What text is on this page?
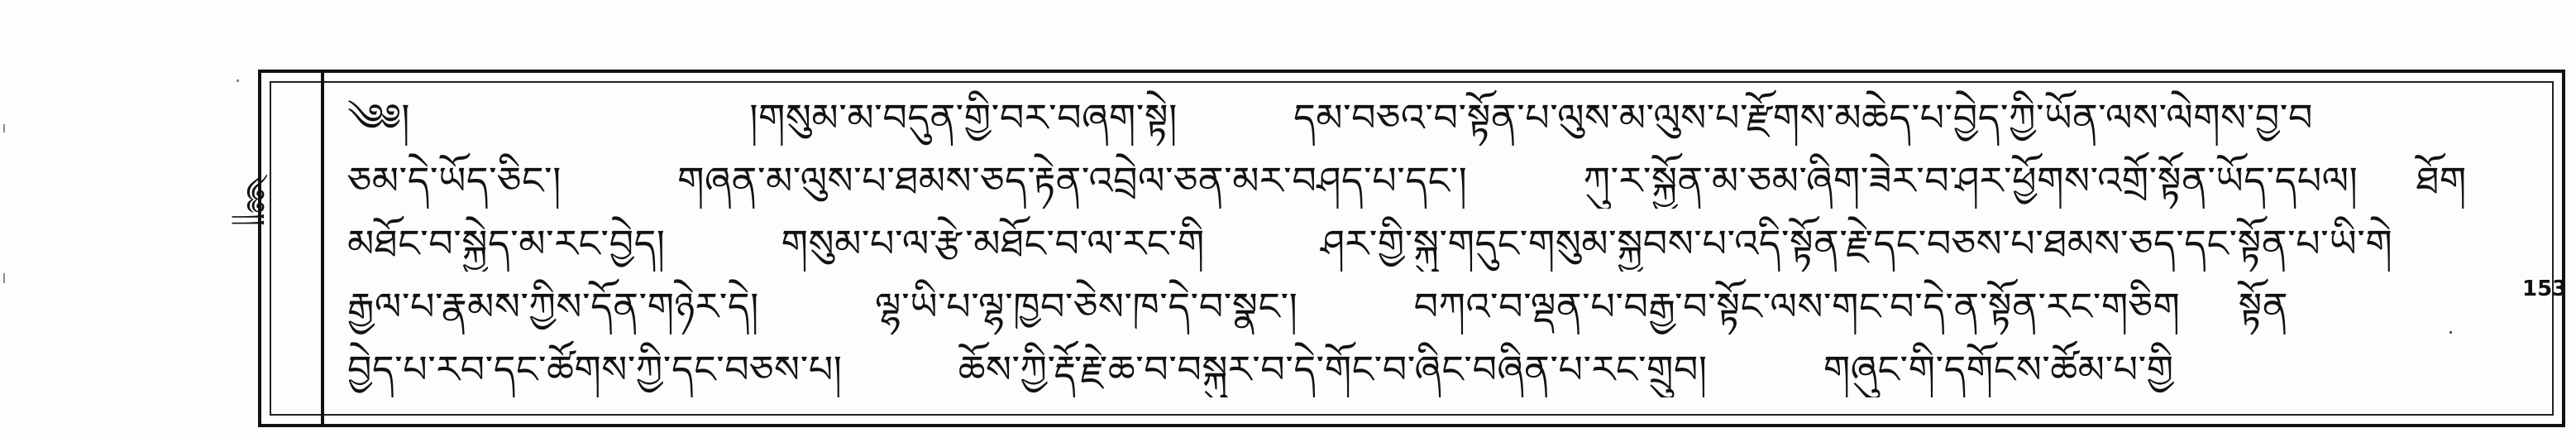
༄༅།།
༄༅།	།གསུམ་མ་བདུན་གྱི་བར་བཞག་སྟེ།	དམ་བཅའ་བ་སྟོན་པ་ལུས་མ་ལུས་པ་རྫོགས་མཆེད་པ་བྱེད་ཀྱི་ཡོན་ལས་ལེགས་བྱ་བ
ཅམ་དེ་ཡོད་ཅིང་།	གཞན་མ་ལུས་པ་ཐམས་ཅད་རྟེན་འབྲེལ་ཅན་མར་བཤད་པ་དང་།	ཀུ་ར་སྐྱོན་མ་ཅམ་ཞིག་ཟེར་བ་ཤར་ཕྱོགས་འགྲོ་སྟོན་ཡོད་དཔལ། ཐོག
མཐོང་བ་སྐྱེད་མ་རང་བྱེད།	གསུམ་པ་ལ་རྩེ་མཐོང་བ་ལ་རང་གི	ཤར་གྱི་སྐུ་གདུང་གསུམ་སྐྱབས་པ་འདི་སྟོན་རྗེ་དང་བཅས་པ་ཐམས་ཅད་དང་སྟོན་པ་ཡི་གེ
རྒྱལ་པ་རྣམས་ཀྱིས་དོན་གཉེར་དེ།	ལྷ་ཡི་པ་ལྷ་ཁྱབ་ཅེས་ཁ་དེ་བ་སྣང་།	བཀའ་བ་ལྡན་པ་བརྒྱ་བ་སྟོང་ལས་གང་བ་དེ་ན་སྟོན་རང་གཅིག སྟོན
བྱེད་པ་རབ་དང་ཚོགས་ཀྱི་དང་བཅས་པ།	ཆོས་ཀྱི་རྡོ་རྗེ་ཆ་བ་བསྐུར་བ་དེ་གོང་བ་ཞིང་བཞིན་པ་རང་གྲུབ།	གཞུང་གི་དགོངས་ཚོམ་པ་གྱི
153
